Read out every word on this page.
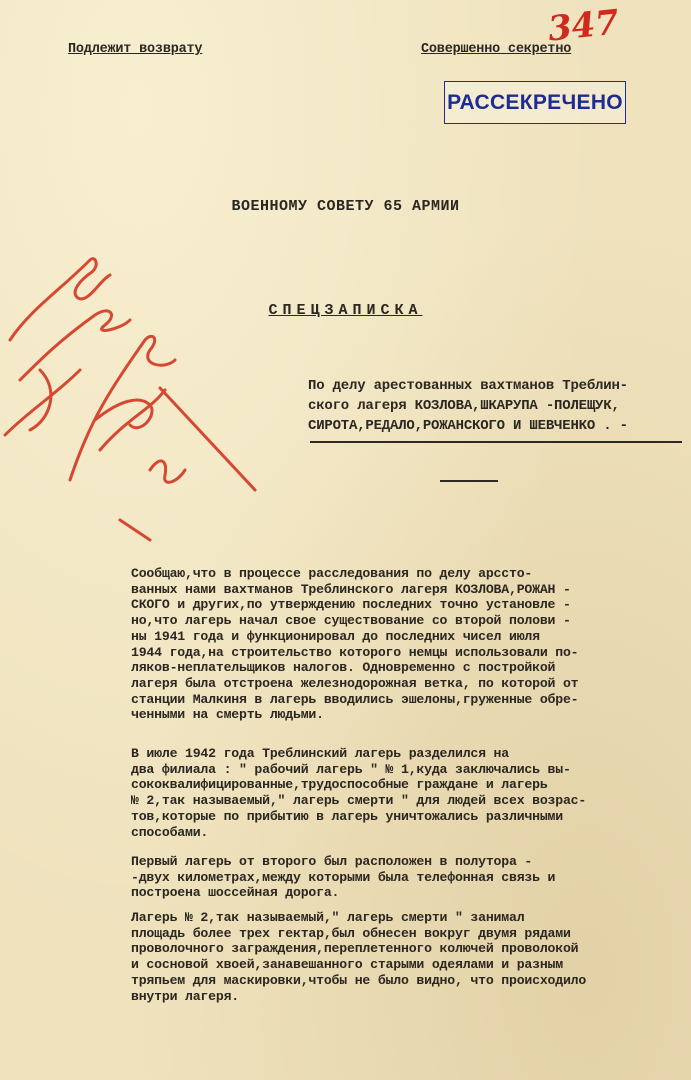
Подлежит возврату	Совершенно секретно
347
РАССЕКРЕЧЕНО
ВОЕННОМУ СОВЕТУ 65 АРМИИ
СПЕЦЗАПИСКА
По делу арестованных вахтманов Треблин-
ского лагеря КОЗЛОВА,ШКАРУПА -ПОЛЕЩУК,
СИРОТА,РЕДАЛО,РОЖАНСКОГО И ШЕВЧЕНКО . -
Сообщаю,что в процессе расследования по делу арссто-
ванных нами вахтманов Треблинского лагеря КОЗЛОВА,РОЖАН -
СКОГО и других,по утверждению последних точно установле -
но,что лагерь начал свое существование со второй полови -
ны 1941 года и функционировал до последних чисел июля
1944 года,на строительство которого немцы использовали по-
ляков-неплательщиков налогов. Одновременно с постройкой
лагеря была отстроена железнодорожная ветка, по которой от
станции Малкиня в лагерь вводились эшелоны,груженные обре-
ченными на смерть людьми.
В июле 1942 года Треблинский лагерь разделился на
два филиала : " рабочий лагерь " № 1,куда заключались вы-
сококвалифицированные,трудоспособные граждане и лагерь
№ 2,так называемый," лагерь смерти " для людей всех возрас-
тов,которые по прибытию в лагерь уничтожались различными
способами.
Первый лагерь от второго был расположен в полутора -
-двух километрах,между которыми была телефонная связь и
построена шоссейная дорога.
Лагерь № 2,так называемый," лагерь смерти " занимал
площадь более трех гектар,был обнесен вокруг двумя рядами
проволочного заграждения,переплетенного колючей проволокой
и сосновой хвоей,занавешанного старыми одеялами и разным
тряпьем для маскировки,чтобы не было видно, что происходило
внутри лагеря.
